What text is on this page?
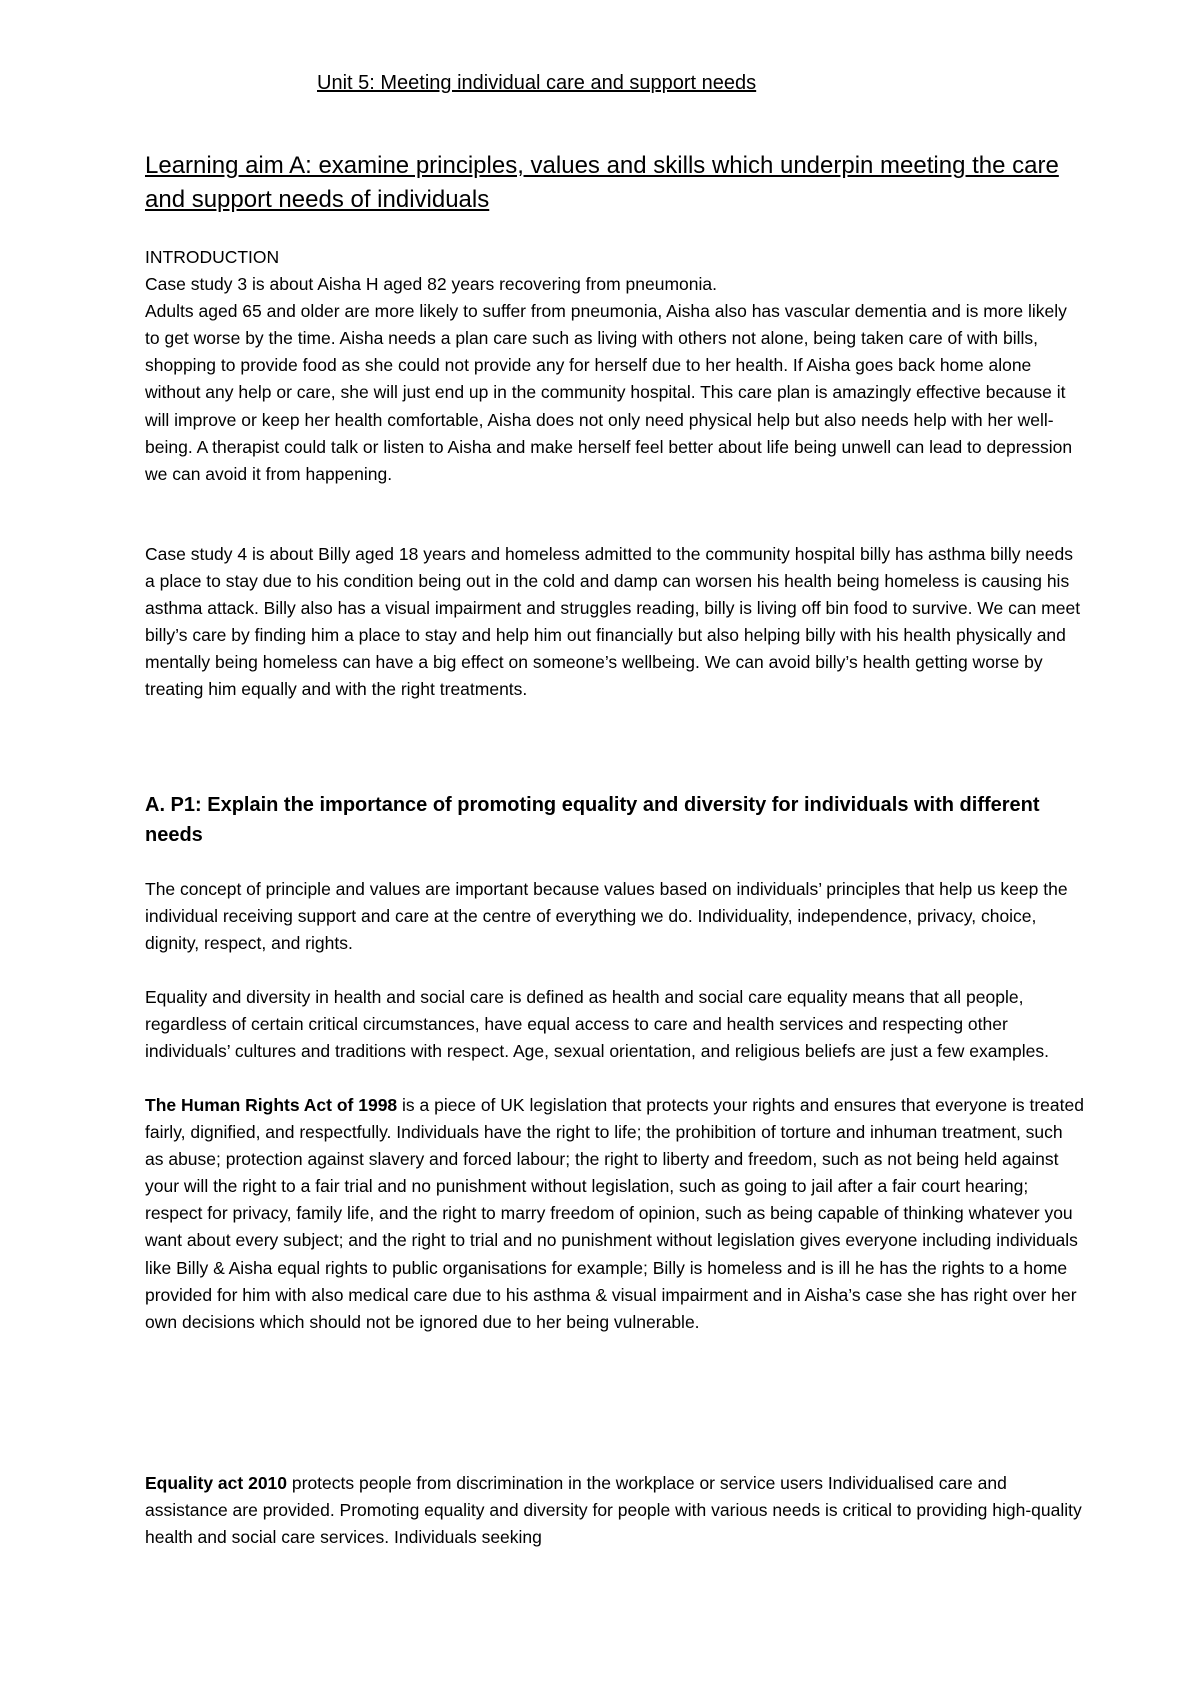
Unit 5: Meeting individual care and support needs
Learning aim A: examine principles, values and skills which underpin meeting the care and support needs of individuals

INTRODUCTION

Case study 3 is about Aisha H aged 82 years recovering from pneumonia.

Adults aged 65 and older are more likely to suffer from pneumonia, Aisha also has vascular dementia and is more likely to get worse by the time. Aisha needs a plan care such as living with others not alone, being taken care of with bills, shopping to provide food as she could not provide any for herself due to her health. If Aisha goes back home alone without any help or care, she will just end up in the community hospital. This care plan is amazingly effective because it will improve or keep her health comfortable, Aisha does not only need physical help but also needs help with her well-being. A therapist could talk or listen to Aisha and make herself feel better about life being unwell can lead to depression we can avoid it from happening.

Case study 4 is about Billy aged 18 years and homeless admitted to the community hospital billy has asthma billy needs a place to stay due to his condition being out in the cold and damp can worsen his health being homeless is causing his asthma attack. Billy also has a visual impairment and struggles reading, billy is living off bin food to survive. We can meet billy’s care by finding him a place to stay and help him out financially but also helping billy with his health physically and mentally being homeless can have a big effect on someone’s wellbeing. We can avoid billy’s health getting worse by treating him equally and with the right treatments.

A. P1: Explain the importance of promoting equality and diversity for individuals with different needs

The concept of principle and values are important because values based on individuals’ principles that help us keep the individual receiving support and care at the centre of everything we do. Individuality, independence, privacy, choice, dignity, respect, and rights.

Equality and diversity in health and social care is defined as health and social care equality means that all people, regardless of certain critical circumstances, have equal access to care and health services and respecting other individuals’ cultures and traditions with respect. Age, sexual orientation, and religious beliefs are just a few examples.

The Human Rights Act of 1998 is a piece of UK legislation that protects your rights and ensures that everyone is treated fairly, dignified, and respectfully. Individuals have the right to life; the prohibition of torture and inhuman treatment, such as abuse; protection against slavery and forced labour; the right to liberty and freedom, such as not being held against your will the right to a fair trial and no punishment without legislation, such as going to jail after a fair court hearing; respect for privacy, family life, and the right to marry freedom of opinion, such as being capable of thinking whatever you want about every subject; and the right to trial and no punishment without legislation gives everyone including individuals like Billy & Aisha equal rights to public organisations for example; Billy is homeless and is ill he has the rights to a home provided for him with also medical care due to his asthma & visual impairment and in Aisha’s case she has right over her own decisions which should not be ignored due to her being vulnerable.

Equality act 2010 protects people from discrimination in the workplace or service users Individualised care and assistance are provided. Promoting equality and diversity for people with various needs is critical to providing high-quality health and social care services. Individuals seeking
